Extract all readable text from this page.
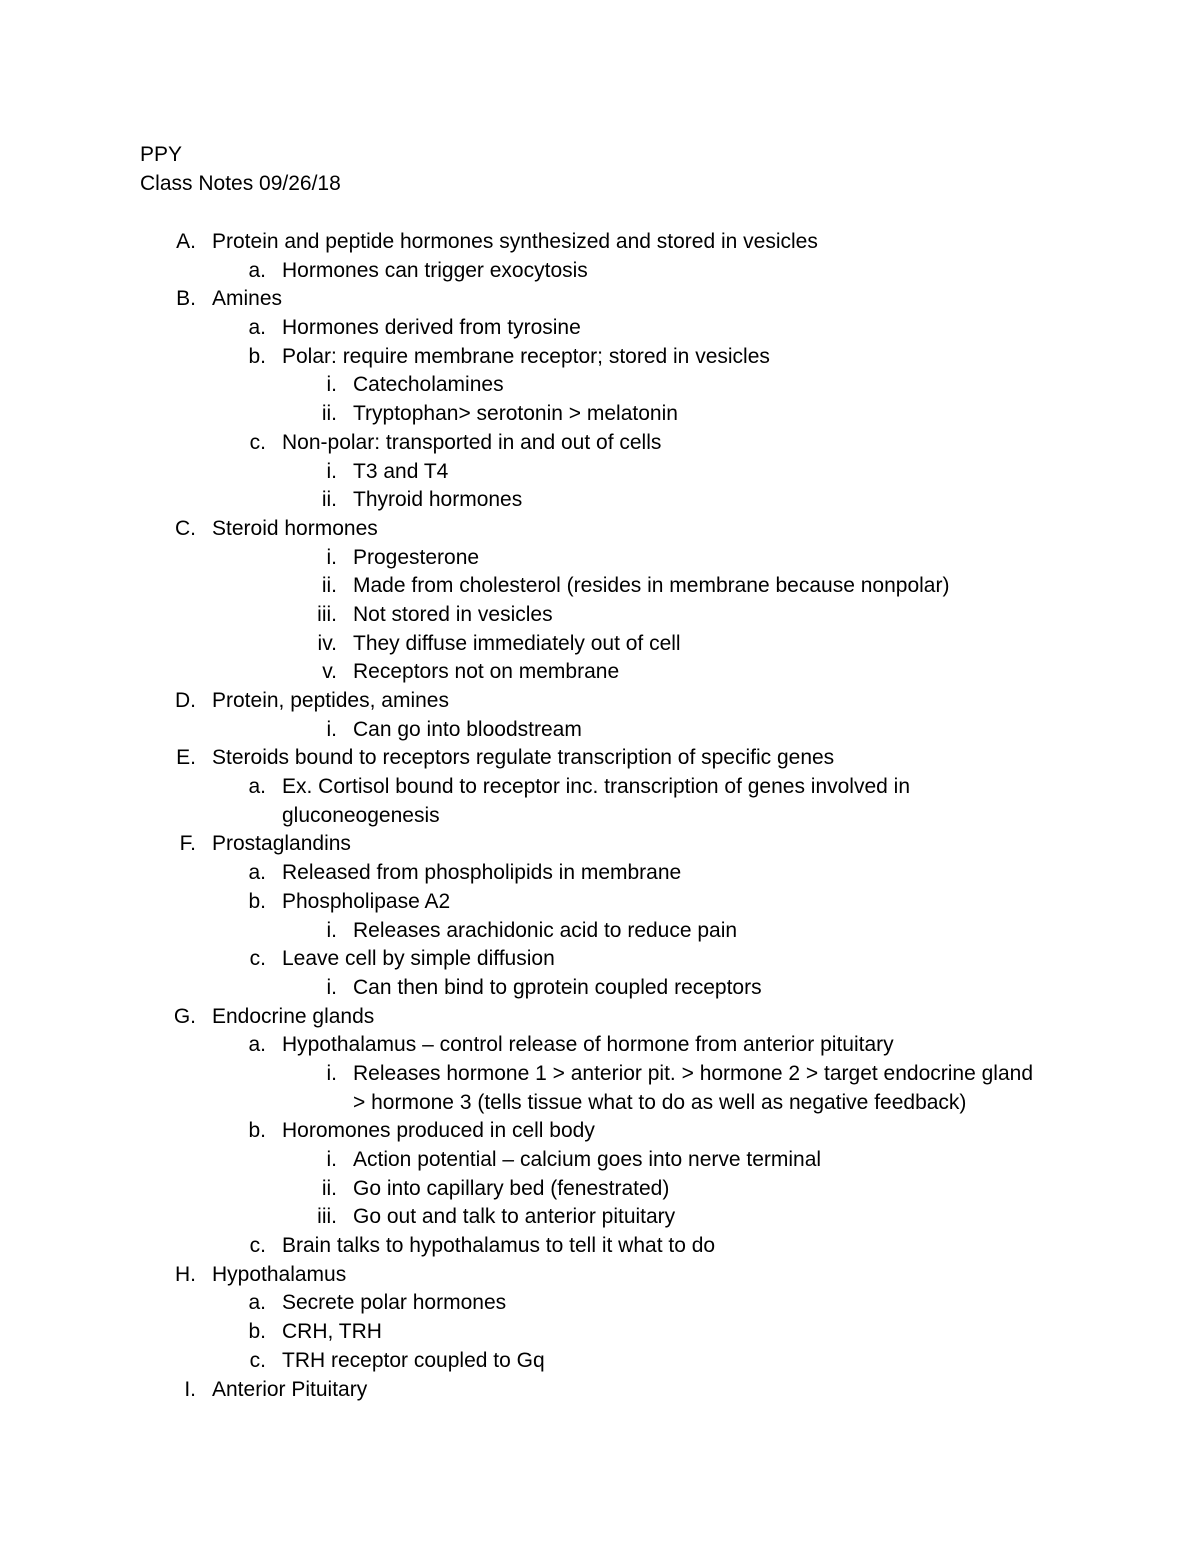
PPY
Class Notes 09/26/18
A. Protein and peptide hormones synthesized and stored in vesicles
a. Hormones can trigger exocytosis
B. Amines
a. Hormones derived from tyrosine
b. Polar: require membrane receptor; stored in vesicles
i. Catecholamines
ii. Tryptophan> serotonin > melatonin
c. Non-polar: transported in and out of cells
i. T3 and T4
ii. Thyroid hormones
C. Steroid hormones
i. Progesterone
ii. Made from cholesterol (resides in membrane because nonpolar)
iii. Not stored in vesicles
iv. They diffuse immediately out of cell
v. Receptors not on membrane
D. Protein, peptides, amines
i. Can go into bloodstream
E. Steroids bound to receptors regulate transcription of specific genes
a. Ex. Cortisol bound to receptor inc. transcription of genes involved in
gluconeogenesis
F. Prostaglandins
a. Released from phospholipids in membrane
b. Phospholipase A2
i. Releases arachidonic acid to reduce pain
c. Leave cell by simple diffusion
i. Can then bind to gprotein coupled receptors
G. Endocrine glands
a. Hypothalamus – control release of hormone from anterior pituitary
i. Releases hormone 1 > anterior pit. > hormone 2 > target endocrine gland
> hormone 3 (tells tissue what to do as well as negative feedback)
b. Horomones produced in cell body
i. Action potential – calcium goes into nerve terminal
ii. Go into capillary bed (fenestrated)
iii. Go out and talk to anterior pituitary
c. Brain talks to hypothalamus to tell it what to do
H. Hypothalamus
a. Secrete polar hormones
b. CRH, TRH
c. TRH receptor coupled to Gq
I. Anterior Pituitary
